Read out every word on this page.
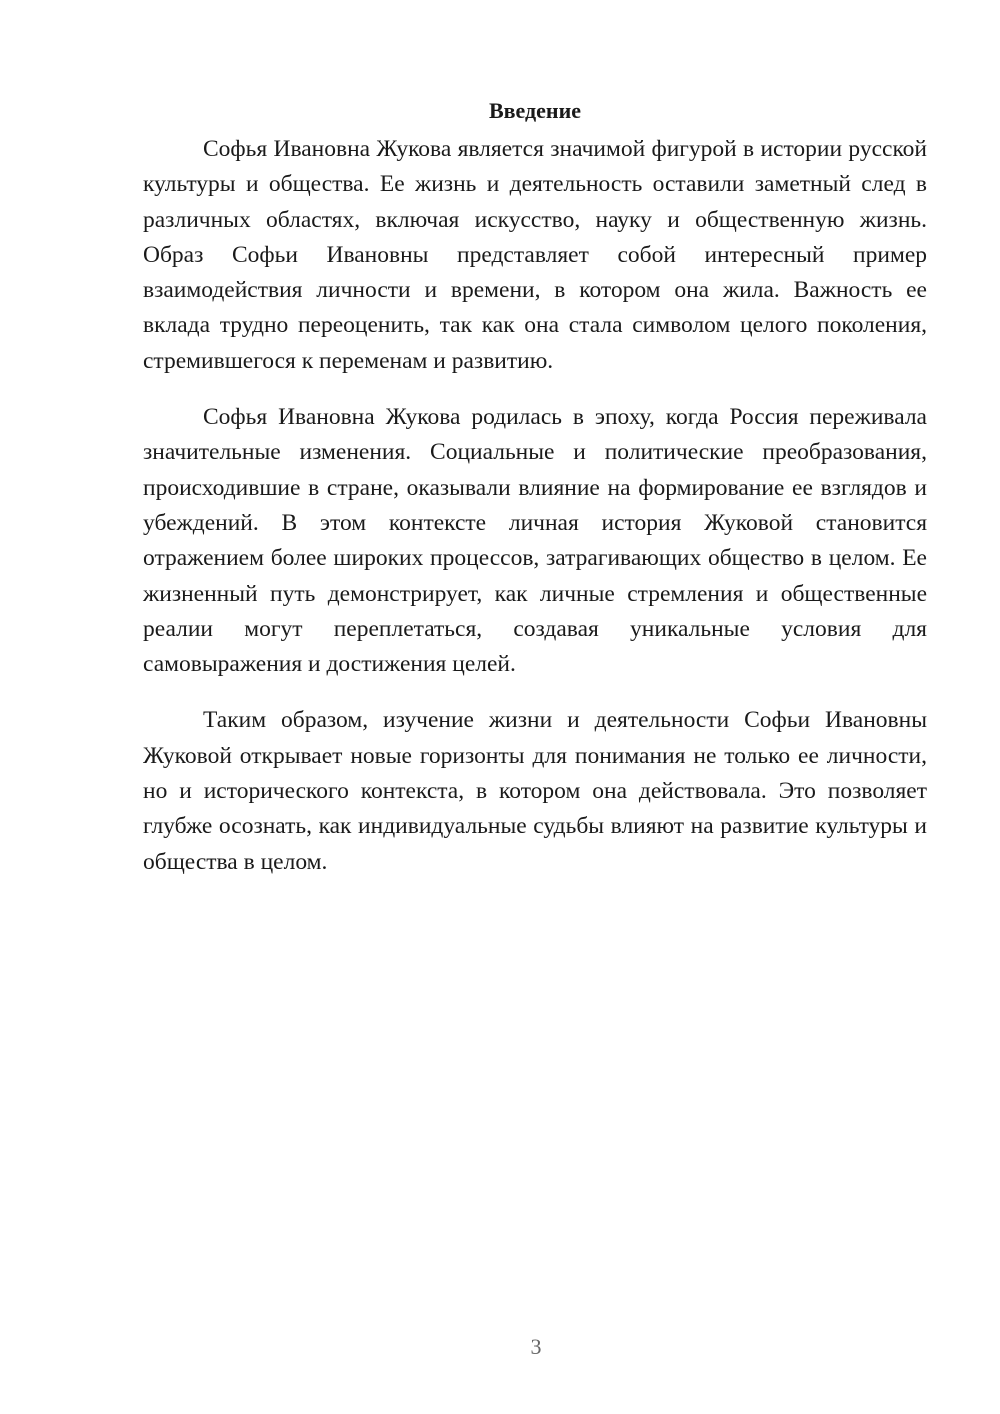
Введение

Софья Ивановна Жукова является значимой фигурой в истории русской культуры и общества. Ее жизнь и деятельность оставили заметный след в различных областях, включая искусство, науку и общественную жизнь. Образ Софьи Ивановны представляет собой интересный пример взаимодействия личности и времени, в котором она жила. Важность ее вклада трудно переоценить, так как она стала символом целого поколения, стремившегося к переменам и развитию.

Софья Ивановна Жукова родилась в эпоху, когда Россия переживала значительные изменения. Социальные и политические преобразования, происходившие в стране, оказывали влияние на формирование ее взглядов и убеждений. В этом контексте личная история Жуковой становится отражением более широких процессов, затрагивающих общество в целом. Ее жизненный путь демонстрирует, как личные стремления и общественные реалии могут переплетаться, создавая уникальные условия для самовыражения и достижения целей.

Таким образом, изучение жизни и деятельности Софьи Ивановны Жуковой открывает новые горизонты для понимания не только ее личности, но и исторического контекста, в котором она действовала. Это позволяет глубже осознать, как индивидуальные судьбы влияют на развитие культуры и общества в целом.

3
